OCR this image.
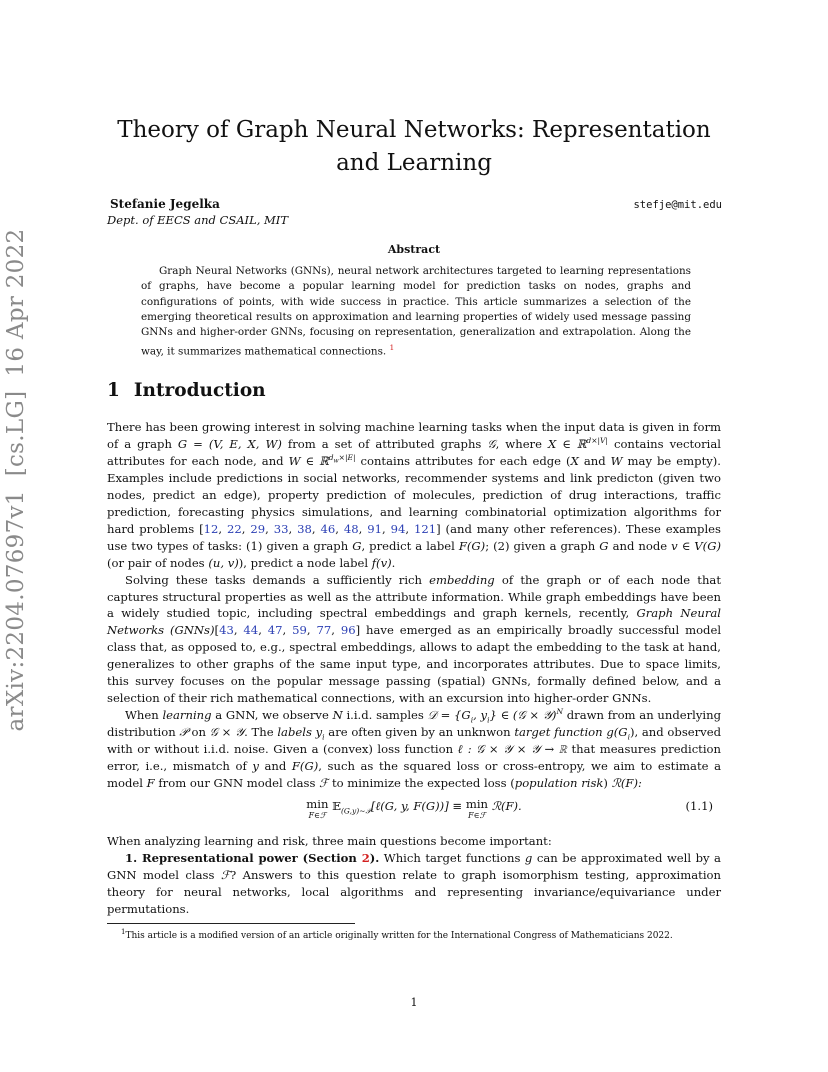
arXiv:2204.07697v1[cs.LG]16 Apr 2022
Theory of Graph Neural Networks: Representation and Learning
Stefanie Jegelka
Dept. of EECS and CSAIL, MIT
stefje@mit.edu
Abstract

Graph Neural Networks (GNNs), neural network architectures targeted to learning representations of graphs, have become a popular learning model for prediction tasks on nodes, graphs and configurations of points, with wide success in practice. This article summarizes a selection of the emerging theoretical results on approximation and learning properties of widely used message passing GNNs and higher-order GNNs, focusing on representation, generalization and extrapolation. Along the way, it summarizes mathematical connections. $^1$

1 Introduction

There has been growing interest in solving machine learning tasks when the input data is given in form of a graph G = (V, E, X, W) from a set of attributed graphs 𝒢, where X ∈ ℝ$^{d\times|V|}$ contains vectorial attributes for each node, and W ∈ ℝ$^{d_w\times|E|}$ contains attributes for each edge (X and W may be empty). Examples include predictions in social networks, recommender systems and link predicton (given two nodes, predict an edge), property prediction of molecules, prediction of drug interactions, traffic prediction, forecasting physics simulations, and learning combinatorial optimization algorithms for hard problems [12, 22, 29, 33, 38, 46, 48, 91, 94, 121] (and many other references). These examples use two types of tasks: (1) given a graph G, predict a label F(G); (2) given a graph G and node v ∈ V(G) (or pair of nodes (u, v)), predict a node label f(v).

Solving these tasks demands a sufficiently rich embedding of the graph or of each node that captures structural properties as well as the attribute information. While graph embeddings have been a widely studied topic, including spectral embeddings and graph kernels, recently, Graph Neural Networks (GNNs)[43, 44, 47, 59, 77, 96] have emerged as an empirically broadly successful model class that, as opposed to, e.g., spectral embeddings, allows to adapt the embedding to the task at hand, generalizes to other graphs of the same input type, and incorporates attributes. Due to space limits, this survey focuses on the popular message passing (spatial) GNNs, formally defined below, and a selection of their rich mathematical connections, with an excursion into higher-order GNNs.

When learning a GNN, we observe N i.i.d. samples 𝒟 = {$G_i$, $y_i$} ∈ (𝒢 × 𝒴)$^N$ drawn from an underlying distribution 𝒫 on 𝒢 × 𝒴. The labels $y_i$ are often given by an unknwon target function $g(G_i)$, and observed with or without i.i.d. noise. Given a (convex) loss function ℓ : 𝒢 × 𝒴 × 𝒴 → ℝ that measures prediction error, i.e., mismatch of y and F(G), such as the squared loss or cross-entropy, we aim to estimate a model F from our GNN model class ℱ to minimize the expected loss (population risk) ℛ(F):

min
F∈ℱ
𝔼$_{(G,y)\sim 𝒫}$[ℓ(G, y, F(G))] ≡ min
F∈ℱ
ℛ(F).	(1.1)

When analyzing learning and risk, three main questions become important:

1. Representational power (Section 2). Which target functions g can be approximated well by a GNN model class ℱ? Answers to this question relate to graph isomorphism testing, approximation theory for neural networks, local algorithms and representing invariance/equivariance under permutations.

$^1$This article is a modified version of an article originally written for the International Congress of Mathematicians 2022.
1
